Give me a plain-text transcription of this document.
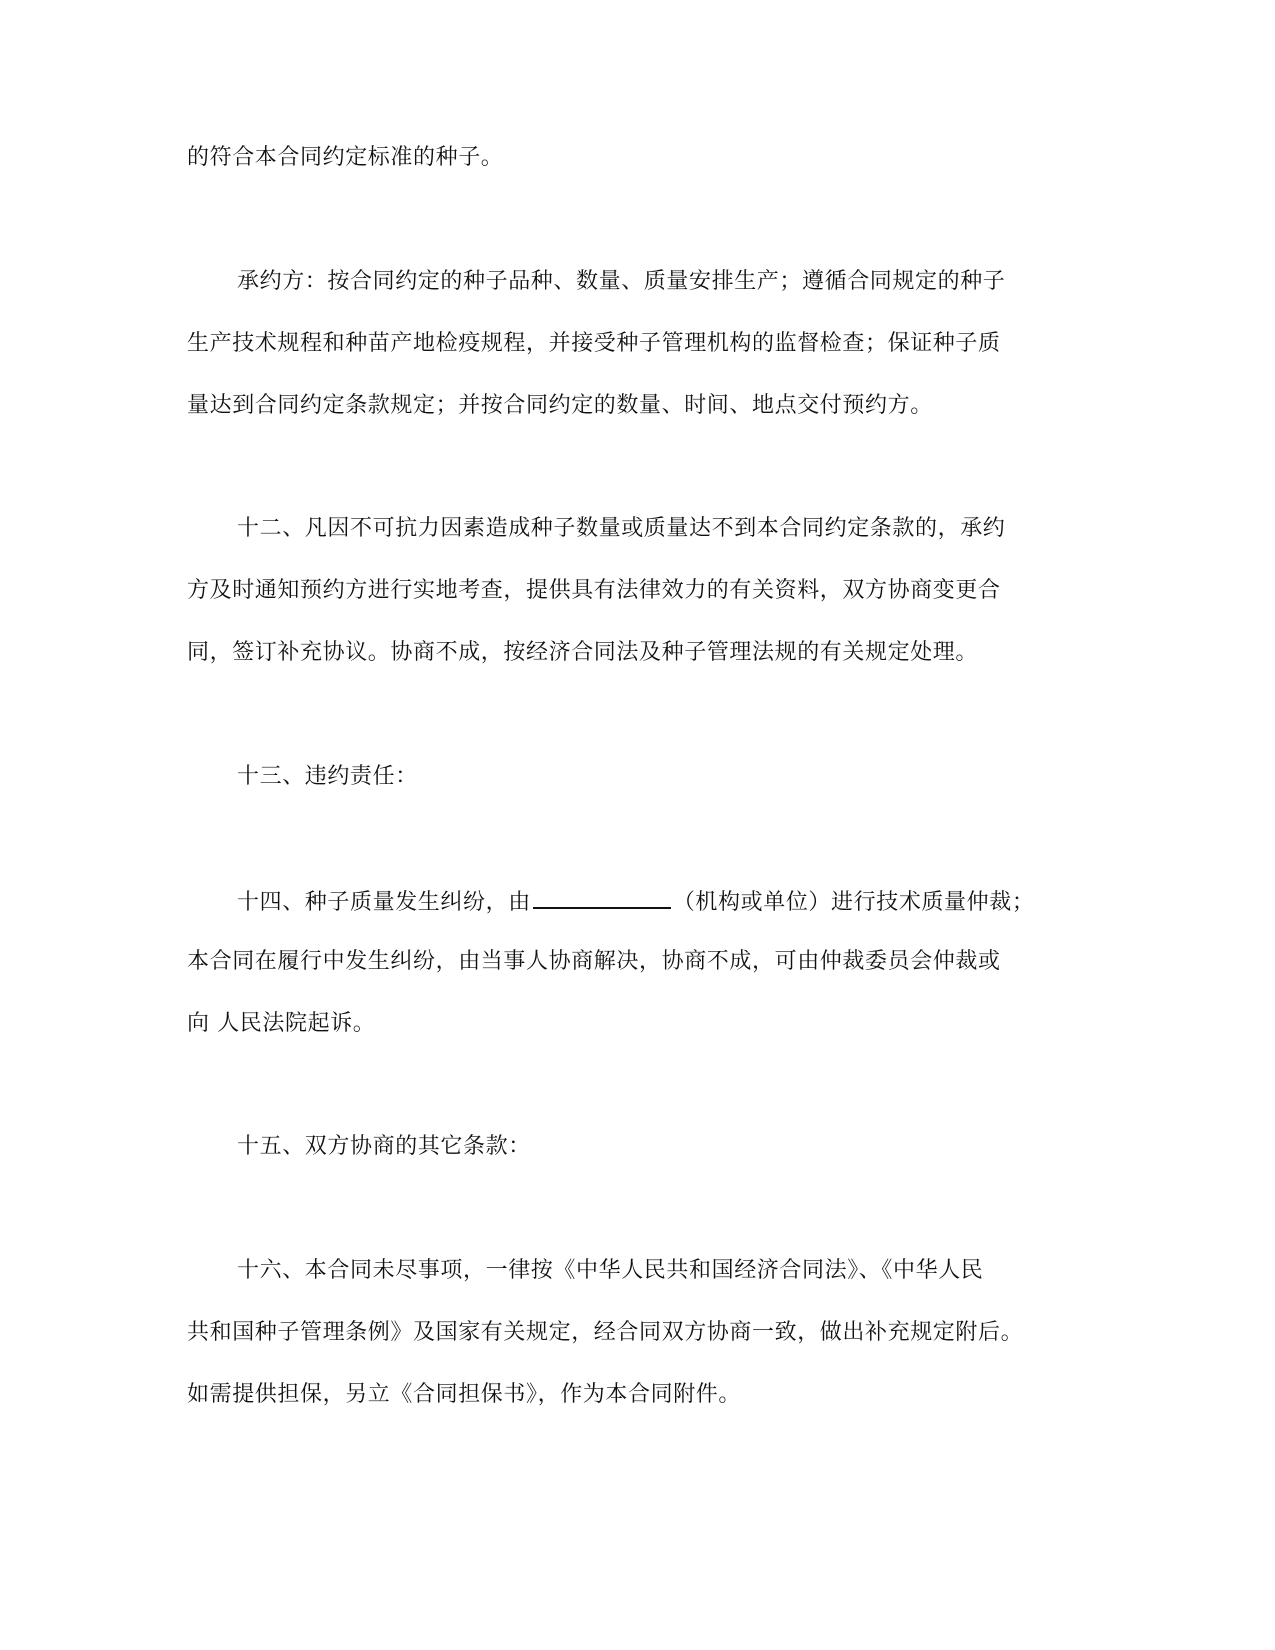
的符合本合同约定标准的种子。
承约方：按合同约定的种子品种、数量、质量安排生产；遵循合同规定的种子
生产技术规程和种苗产地检疫规程，并接受种子管理机构的监督检查；保证种子质
量达到合同约定条款规定；并按合同约定的数量、时间、地点交付预约方。
十二、凡因不可抗力因素造成种子数量或质量达不到本合同约定条款的，承约
方及时通知预约方进行实地考查，提供具有法律效力的有关资料，双方协商变更合
同，签订补充协议。协商不成，按经济合同法及种子管理法规的有关规定处理。
十三、违约责任：
十四、种子质量发生纠纷，由	（机构或单位）进行技术质量仲裁；
本合同在履行中发生纠纷，由当事人协商解决，协商不成，可由仲裁委员会仲裁或
向 人民法院起诉。
十五、双方协商的其它条款：
十六、本合同未尽事项，一律按《中华人民共和国经济合同法》、《中华人民
共和国种子管理条例》及国家有关规定，经合同双方协商一致，做出补充规定附后。
如需提供担保，另立《合同担保书》，作为本合同附件。
